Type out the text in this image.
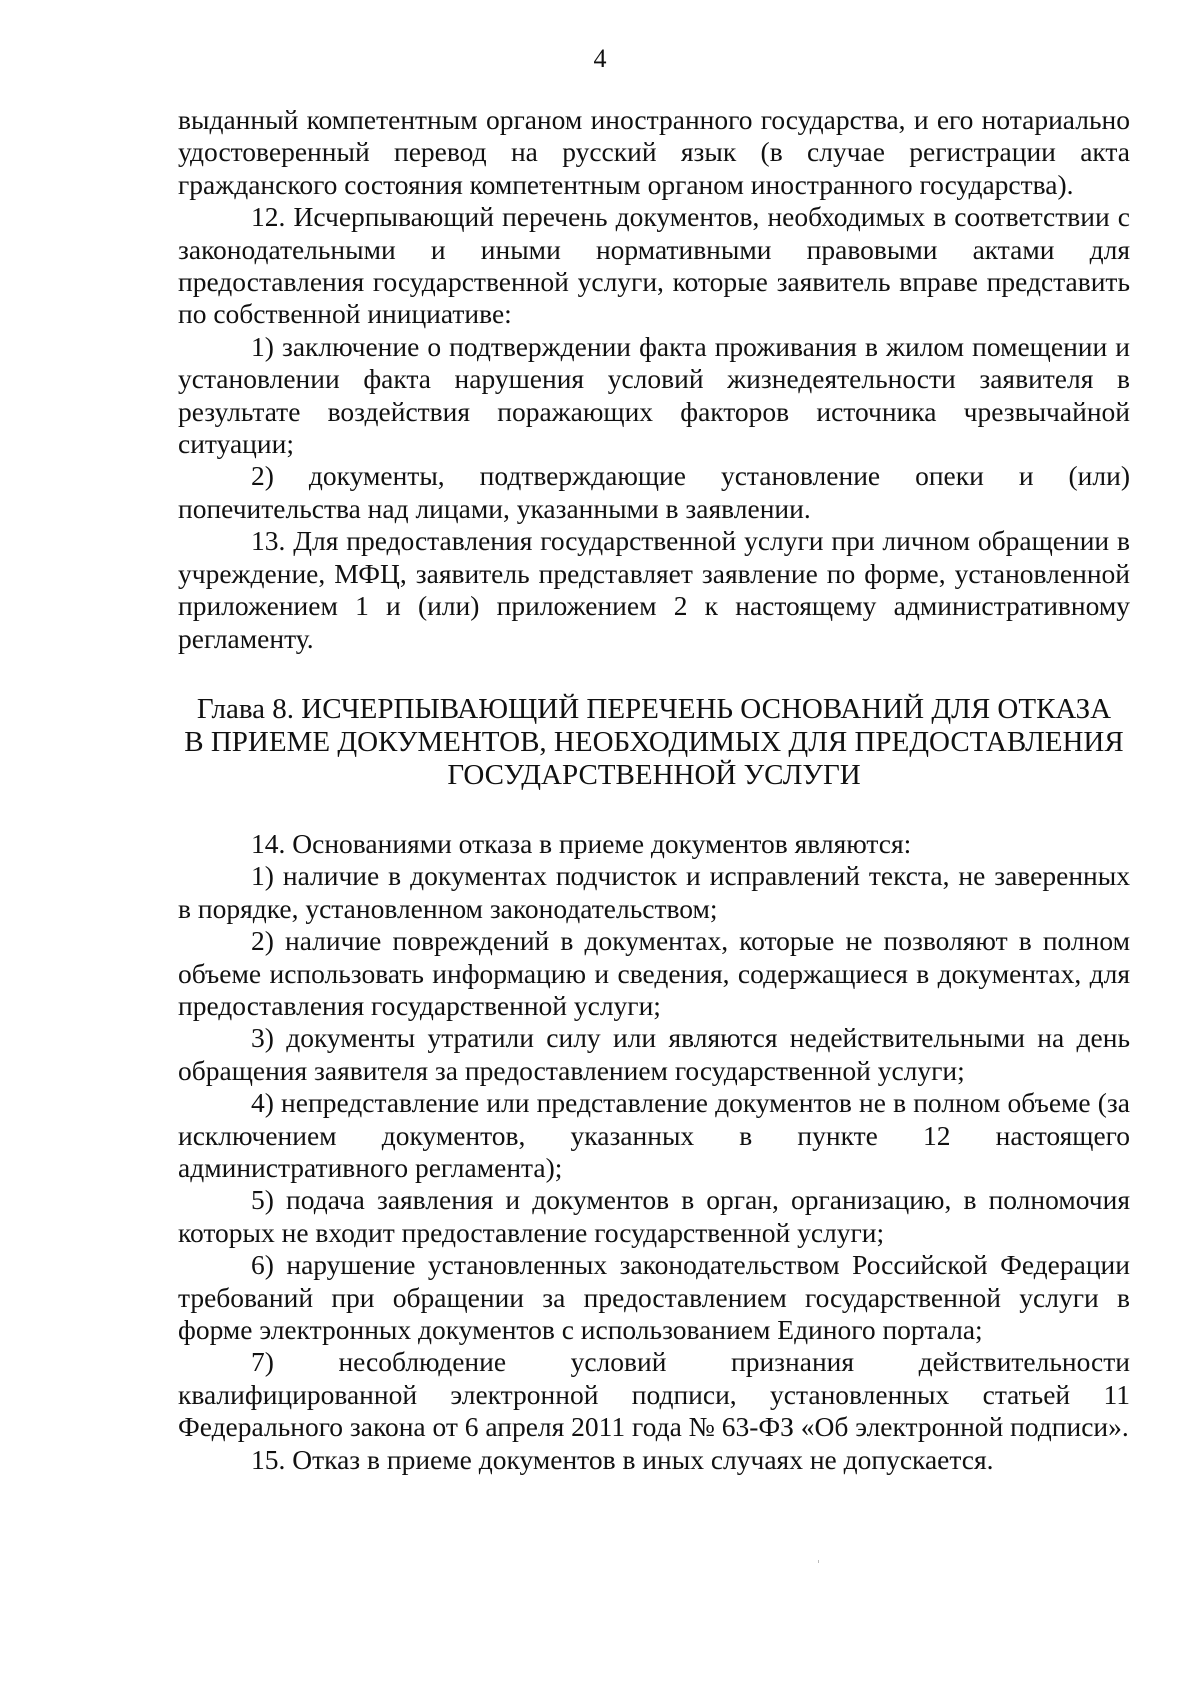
4

выданный компетентным органом иностранного государства, и его нотариально удостоверенный перевод на русский язык (в случае регистрации акта гражданского состояния компетентным органом иностранного государства).

12. Исчерпывающий перечень документов, необходимых в соответствии с законодательными и иными нормативными правовыми актами для предоставления государственной услуги, которые заявитель вправе представить по собственной инициативе:

1) заключение о подтверждении факта проживания в жилом помещении и установлении факта нарушения условий жизнедеятельности заявителя в результате воздействия поражающих факторов источника чрезвычайной ситуации;

2) документы, подтверждающие установление опеки и (или) попечительства над лицами, указанными в заявлении.

13. Для предоставления государственной услуги при личном обращении в учреждение, МФЦ, заявитель представляет заявление по форме, установленной приложением 1 и (или) приложением 2 к настоящему административному регламенту.

Глава 8. ИСЧЕРПЫВАЮЩИЙ ПЕРЕЧЕНЬ ОСНОВАНИЙ ДЛЯ ОТКАЗА
В ПРИЕМЕ ДОКУМЕНТОВ, НЕОБХОДИМЫХ ДЛЯ ПРЕДОСТАВЛЕНИЯ
ГОСУДАРСТВЕННОЙ УСЛУГИ

14. Основаниями отказа в приеме документов являются:

1) наличие в документах подчисток и исправлений текста, не заверенных в порядке, установленном законодательством;

2) наличие повреждений в документах, которые не позволяют в полном объеме использовать информацию и сведения, содержащиеся в документах, для предоставления государственной услуги;

3) документы утратили силу или являются недействительными на день обращения заявителя за предоставлением государственной услуги;

4) непредставление или представление документов не в полном объеме (за исключением документов, указанных в пункте 12 настоящего административного регламента);

5) подача заявления и документов в орган, организацию, в полномочия которых не входит предоставление государственной услуги;

6) нарушение установленных законодательством Российской Федерации требований при обращении за предоставлением государственной услуги в форме электронных документов с использованием Единого портала;

7) несоблюдение условий признания действительности квалифицированной электронной подписи, установленных статьей 11 Федерального закона от 6 апреля 2011 года № 63-ФЗ «Об электронной подписи».

15. Отказ в приеме документов в иных случаях не допускается.
